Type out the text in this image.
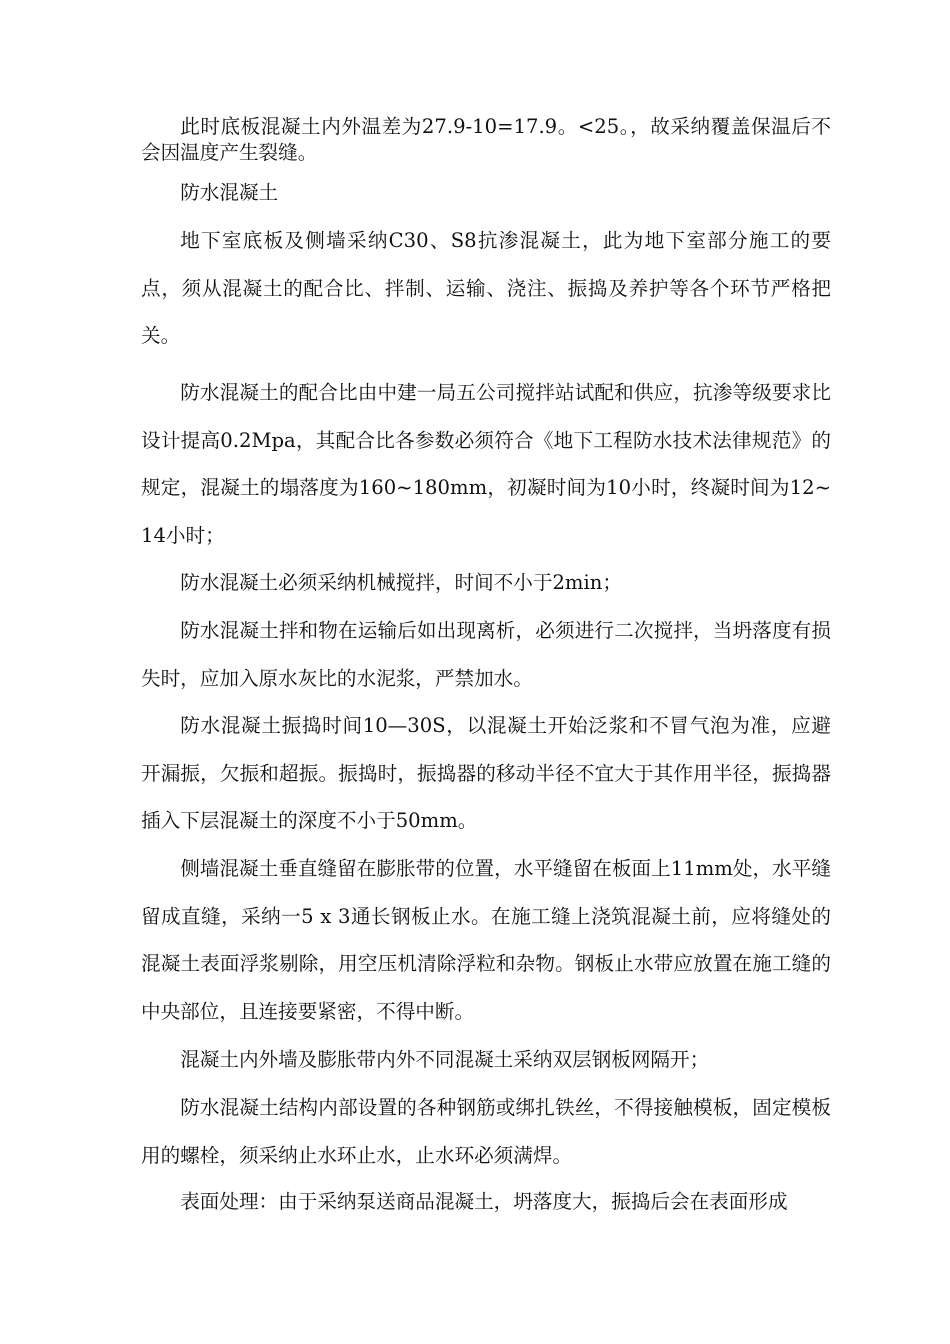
此时底板混凝土内外温差为27.9-10=17.9。<25。，故采纳覆盖保温后不会因温度产生裂缝。

防水混凝土

地下室底板及侧墙采纳C30、S8抗渗混凝土，此为地下室部分施工的要点，须从混凝土的配合比、拌制、运输、浇注、振捣及养护等各个环节严格把关。

防水混凝土的配合比由中建一局五公司搅拌站试配和供应，抗渗等级要求比设计提高0.2Mpa，其配合比各参数必须符合《地下工程防水技术法律规范》的规定，混凝土的塌落度为160~180mm，初凝时间为10小时，终凝时间为12~14小时；

防水混凝土必须采纳机械搅拌，时间不小于2min；

防水混凝土拌和物在运输后如出现离析，必须进行二次搅拌，当坍落度有损失时，应加入原水灰比的水泥浆，严禁加水。

防水混凝土振捣时间10—30S，以混凝土开始泛浆和不冒气泡为准，应避开漏振，欠振和超振。振捣时，振捣器的移动半径不宜大于其作用半径，振捣器插入下层混凝土的深度不小于50mm。

侧墙混凝土垂直缝留在膨胀带的位置，水平缝留在板面上11mm处，水平缝留成直缝，采纳一5 x 3通长钢板止水。在施工缝上浇筑混凝土前，应将缝处的混凝土表面浮浆剔除，用空压机清除浮粒和杂物。钢板止水带应放置在施工缝的中央部位，且连接要紧密，不得中断。

混凝土内外墙及膨胀带内外不同混凝土采纳双层钢板网隔开；

防水混凝土结构内部设置的各种钢筋或绑扎铁丝，不得接触模板，固定模板用的螺栓，须采纳止水环止水，止水环必须满焊。

表面处理：由于采纳泵送商品混凝土，坍落度大，振捣后会在表面形成
